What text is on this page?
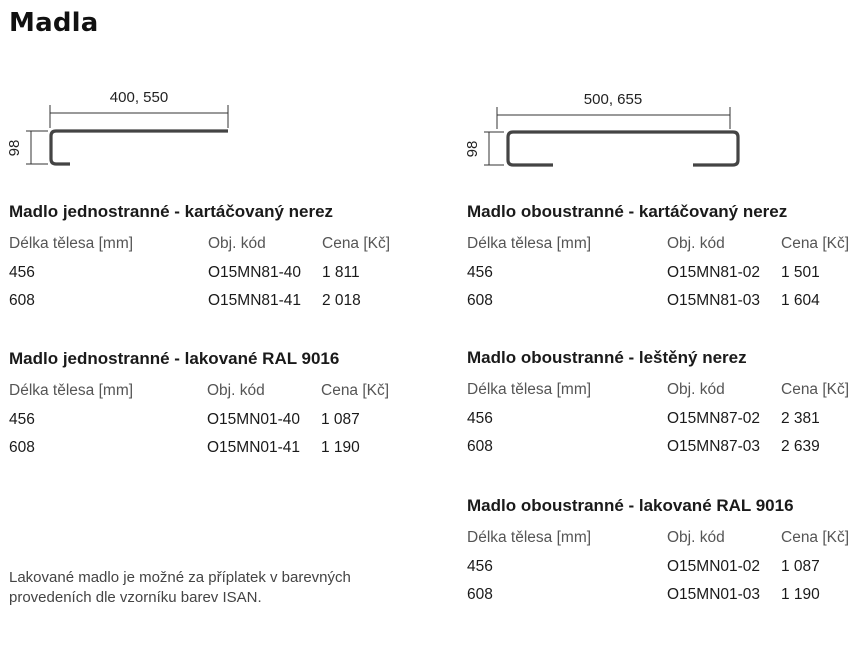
Madla
400, 550
98
500, 655
98
Madlo jednostranné - kartáčovaný nerez
Délka tělesa [mm]	Obj. kód	Cena [Kč]
456	O15MN81-40	1 811
608	O15MN81-41	2 018
Madlo jednostranné - lakované RAL 9016
Délka tělesa [mm]	Obj. kód	Cena [Kč]
456	O15MN01-40	1 087
608	O15MN01-41	1 190
Madlo oboustranné - kartáčovaný nerez
Délka tělesa [mm]	Obj. kód	Cena [Kč]
456	O15MN81-02	1 501
608	O15MN81-03	1 604
Madlo oboustranné - leštěný nerez
Délka tělesa [mm]	Obj. kód	Cena [Kč]
456	O15MN87-02	2 381
608	O15MN87-03	2 639
Madlo oboustranné - lakované RAL 9016
Délka tělesa [mm]	Obj. kód	Cena [Kč]
456	O15MN01-02	1 087
608	O15MN01-03	1 190
Lakované madlo je možné za příplatek v barevných provedeních dle vzorníku barev ISAN.
